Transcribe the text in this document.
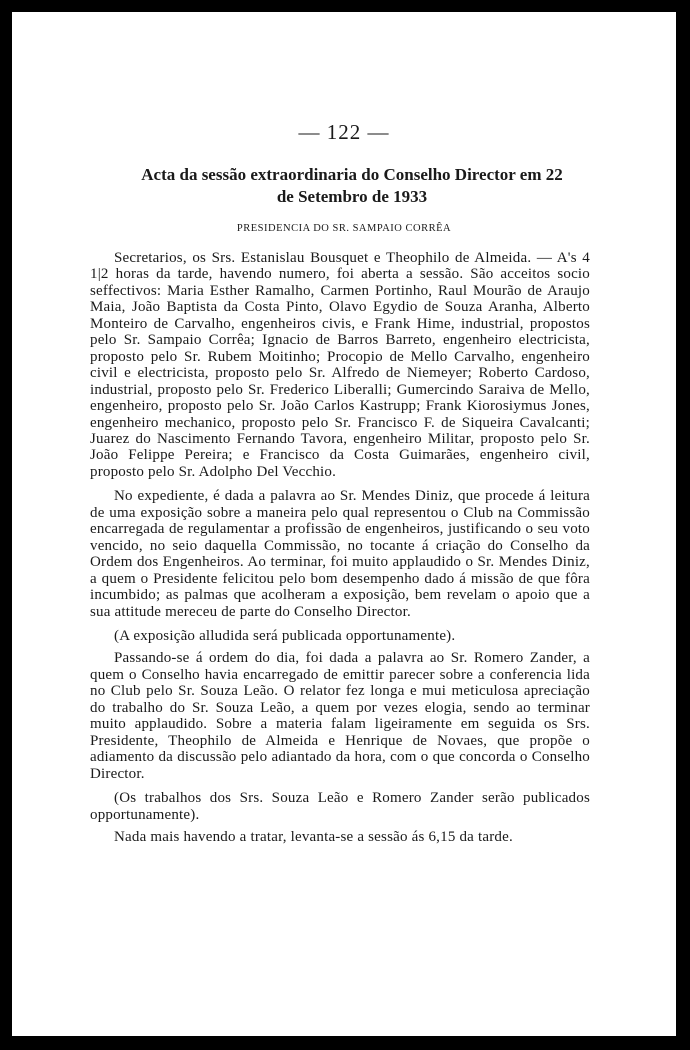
— 122 —
Acta da sessão extraordinaria do Conselho Director em 22
de Setembro de 1933
PRESIDENCIA DO SR. SAMPAIO CORRÊA

Secretarios, os Srs. Estanislau Bousquet e Theophilo de Almeida. — A's 4 1|2 horas da tarde, havendo numero, foi aberta a sessão. São acceitos socio seffectivos: Maria Esther Ramalho, Carmen Portinho, Raul Mourão de Araujo Maia, João Baptista da Costa Pinto, Olavo Egydio de Souza Aranha, Alberto Monteiro de Carvalho, engenheiros civis, e Frank Hime, industrial, propostos pelo Sr. Sampaio Corrêa; Ignacio de Barros Barreto, engenheiro electricista, proposto pelo Sr. Rubem Moitinho; Procopio de Mello Carvalho, engenheiro civil e electricista, proposto pelo Sr. Alfredo de Niemeyer; Roberto Cardoso, industrial, proposto pelo Sr. Frederico Liberalli; Gumercindo Saraiva de Mello, engenheiro, proposto pelo Sr. João Carlos Kastrupp; Frank Kiorosiymus Jones, engenheiro mechanico, proposto pelo Sr. Francisco F. de Siqueira Cavalcanti; Juarez do Nascimento Fernando Tavora, engenheiro Militar, proposto pelo Sr. João Felippe Pereira; e Francisco da Costa Guimarães, engenheiro civil, proposto pelo Sr. Adolpho Del Vecchio.

No expediente, é dada a palavra ao Sr. Mendes Diniz, que procede á leitura de uma exposição sobre a maneira pelo qual representou o Club na Commissão encarregada de regulamentar a profissão de engenheiros, justificando o seu voto vencido, no seio daquella Commissão, no tocante á criação do Conselho da Ordem dos Engenheiros. Ao terminar, foi muito applaudido o Sr. Mendes Diniz, a quem o Presidente felicitou pelo bom desempenho dado á missão de que fôra incumbido; as palmas que acolheram a exposição, bem revelam o apoio que a sua attitude mereceu de parte do Conselho Director.

(A exposição alludida será publicada opportunamente).

Passando-se á ordem do dia, foi dada a palavra ao Sr. Romero Zander, a quem o Conselho havia encarregado de emittir parecer sobre a conferencia lida no Club pelo Sr. Souza Leão. O relator fez longa e mui meticulosa apreciação do trabalho do Sr. Souza Leão, a quem por vezes elogia, sendo ao terminar muito applaudido. Sobre a materia falam ligeiramente em seguida os Srs. Presidente, Theophilo de Almeida e Henrique de Novaes, que propõe o adiamento da discussão pelo adiantado da hora, com o que concorda o Conselho Director.

(Os trabalhos dos Srs. Souza Leão e Romero Zander serão publicados opportunamente).

Nada mais havendo a tratar, levanta-se a sessão ás 6,15 da tarde.
